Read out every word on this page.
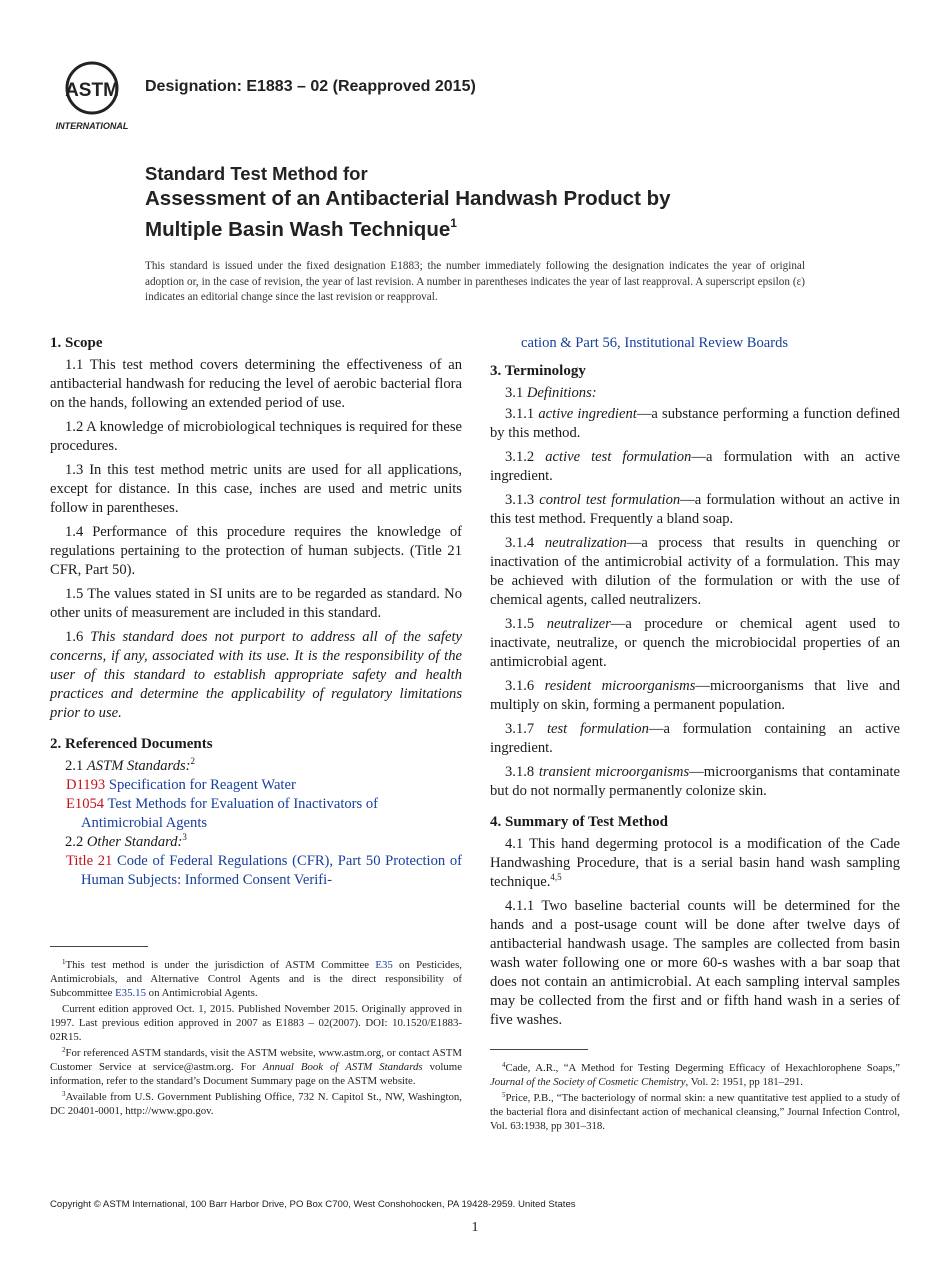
ASTM
INTERNATIONAL
Designation: E1883 – 02 (Reapproved 2015)
Standard Test Method for
Assessment of an Antibacterial Handwash Product by
Multiple Basin Wash Technique$^1$
This standard is issued under the fixed designation E1883; the number immediately following the designation indicates the year of original adoption or, in the case of revision, the year of last revision. A number in parentheses indicates the year of last reapproval. A superscript epsilon (ε) indicates an editorial change since the last revision or reapproval.
1. Scope

1.1 This test method covers determining the effectiveness of an antibacterial handwash for reducing the level of aerobic bacterial flora on the hands, following an extended period of use.

1.2 A knowledge of microbiological techniques is required for these procedures.

1.3 In this test method metric units are used for all applications, except for distance. In this case, inches are used and metric units follow in parentheses.

1.4 Performance of this procedure requires the knowledge of regulations pertaining to the protection of human subjects. (Title 21 CFR, Part 50).

1.5 The values stated in SI units are to be regarded as standard. No other units of measurement are included in this standard.

1.6 This standard does not purport to address all of the safety concerns, if any, associated with its use. It is the responsibility of the user of this standard to establish appropriate safety and health practices and determine the applicability of regulatory limitations prior to use.

2. Referenced Documents
2.1 ASTM Standards:$^2$
D1193 Specification for Reagent Water
E1054 Test Methods for Evaluation of Inactivators of Antimicrobial Agents
2.2 Other Standard:$^3$
Title 21 Code of Federal Regulations (CFR), Part 50 Protection of Human Subjects: Informed Consent Verifi-
cation & Part 56, Institutional Review Boards
3. Terminology
3.1 Definitions:

3.1.1 active ingredient—a substance performing a function defined by this method.

3.1.2 active test formulation—a formulation with an active ingredient.

3.1.3 control test formulation—a formulation without an active in this test method. Frequently a bland soap.

3.1.4 neutralization—a process that results in quenching or inactivation of the antimicrobial activity of a formulation. This may be achieved with dilution of the formulation or with the use of chemical agents, called neutralizers.

3.1.5 neutralizer—a procedure or chemical agent used to inactivate, neutralize, or quench the microbiocidal properties of an antimicrobial agent.

3.1.6 resident microorganisms—microorganisms that live and multiply on skin, forming a permanent population.

3.1.7 test formulation—a formulation containing an active ingredient.

3.1.8 transient microorganisms—microorganisms that contaminate but do not normally permanently colonize skin.

4. Summary of Test Method

4.1 This hand degerming protocol is a modification of the Cade Handwashing Procedure, that is a serial basin hand wash sampling technique.$^{4,5}$

4.1.1 Two baseline bacterial counts will be determined for the hands and a post-usage count will be done after twelve days of antibacterial handwash usage. The samples are collected from basin wash water following one or more 60-s washes with a bar soap that does not contain an antimicrobial. At each sampling interval samples may be collected from the first and or fifth hand wash in a series of five washes.

$^1$This test method is under the jurisdiction of ASTM Committee E35 on Pesticides, Antimicrobials, and Alternative Control Agents and is the direct responsibility of Subcommittee E35.15 on Antimicrobial Agents.

Current edition approved Oct. 1, 2015. Published November 2015. Originally approved in 1997. Last previous edition approved in 2007 as E1883 – 02(2007). DOI: 10.1520/E1883-02R15.

$^2$For referenced ASTM standards, visit the ASTM website, www.astm.org, or contact ASTM Customer Service at service@astm.org. For Annual Book of ASTM Standards volume information, refer to the standard’s Document Summary page on the ASTM website.

$^3$Available from U.S. Government Publishing Office, 732 N. Capitol St., NW, Washington, DC 20401-0001, http://www.gpo.gov.

$^4$Cade, A.R., “A Method for Testing Degerming Efficacy of Hexachlorophene Soaps,” Journal of the Society of Cosmetic Chemistry, Vol. 2: 1951, pp 181–291.

$^5$Price, P.B., “The bacteriology of normal skin: a new quantitative test applied to a study of the bacterial flora and disinfectant action of mechanical cleansing,” Journal Infection Control, Vol. 63:1938, pp 301–318.

Copyright © ASTM International, 100 Barr Harbor Drive, PO Box C700, West Conshohocken, PA 19428-2959. United States
1
